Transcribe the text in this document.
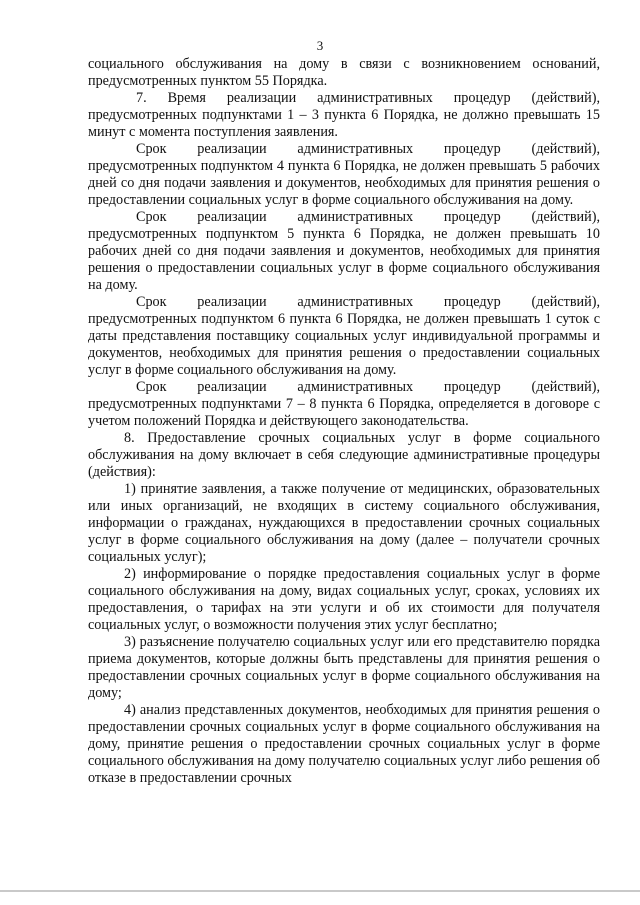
3

социального обслуживания на дому в связи с возникновением оснований, предусмотренных пунктом 55 Порядка.

7. Время реализации административных процедур (действий), предусмотренных подпунктами 1 – 3 пункта 6 Порядка, не должно превышать 15 минут с момента поступления заявления.

Срок реализации административных процедур (действий), предусмотренных подпунктом 4 пункта 6 Порядка, не должен превышать 5 рабочих дней со дня подачи заявления и документов, необходимых для принятия решения о предоставлении социальных услуг в форме социального обслуживания на дому.

Срок реализации административных процедур (действий), предусмотренных подпунктом 5 пункта 6 Порядка, не должен превышать 10 рабочих дней со дня подачи заявления и документов, необходимых для принятия решения о предоставлении социальных услуг в форме социального обслуживания на дому.

Срок реализации административных процедур (действий), предусмотренных подпунктом 6 пункта 6 Порядка, не должен превышать 1 суток с даты представления поставщику социальных услуг индивидуальной программы и документов, необходимых для принятия решения о предоставлении социальных услуг в форме социального обслуживания на дому.

Срок реализации административных процедур (действий), предусмотренных подпунктами 7 – 8 пункта 6 Порядка, определяется в договоре с учетом положений Порядка и действующего законодательства.

8. Предоставление срочных социальных услуг в форме социального обслуживания на дому включает в себя следующие административные процедуры (действия):

1) принятие заявления, а также получение от медицинских, образовательных или иных организаций, не входящих в систему социального обслуживания, информации о гражданах, нуждающихся в предоставлении срочных социальных услуг в форме социального обслуживания на дому (далее – получатели срочных социальных услуг);

2) информирование о порядке предоставления социальных услуг в форме социального обслуживания на дому, видах социальных услуг, сроках, условиях их предоставления, о тарифах на эти услуги и об их стоимости для получателя социальных услуг, о возможности получения этих услуг бесплатно;

3) разъяснение получателю социальных услуг или его представителю порядка приема документов, которые должны быть представлены для принятия решения о предоставлении срочных социальных услуг в форме социального обслуживания на дому;

4) анализ представленных документов, необходимых для принятия решения о предоставлении срочных социальных услуг в форме социального обслуживания на дому, принятие решения о предоставлении срочных социальных услуг в форме социального обслуживания на дому получателю социальных услуг либо решения об отказе в предоставлении срочных
